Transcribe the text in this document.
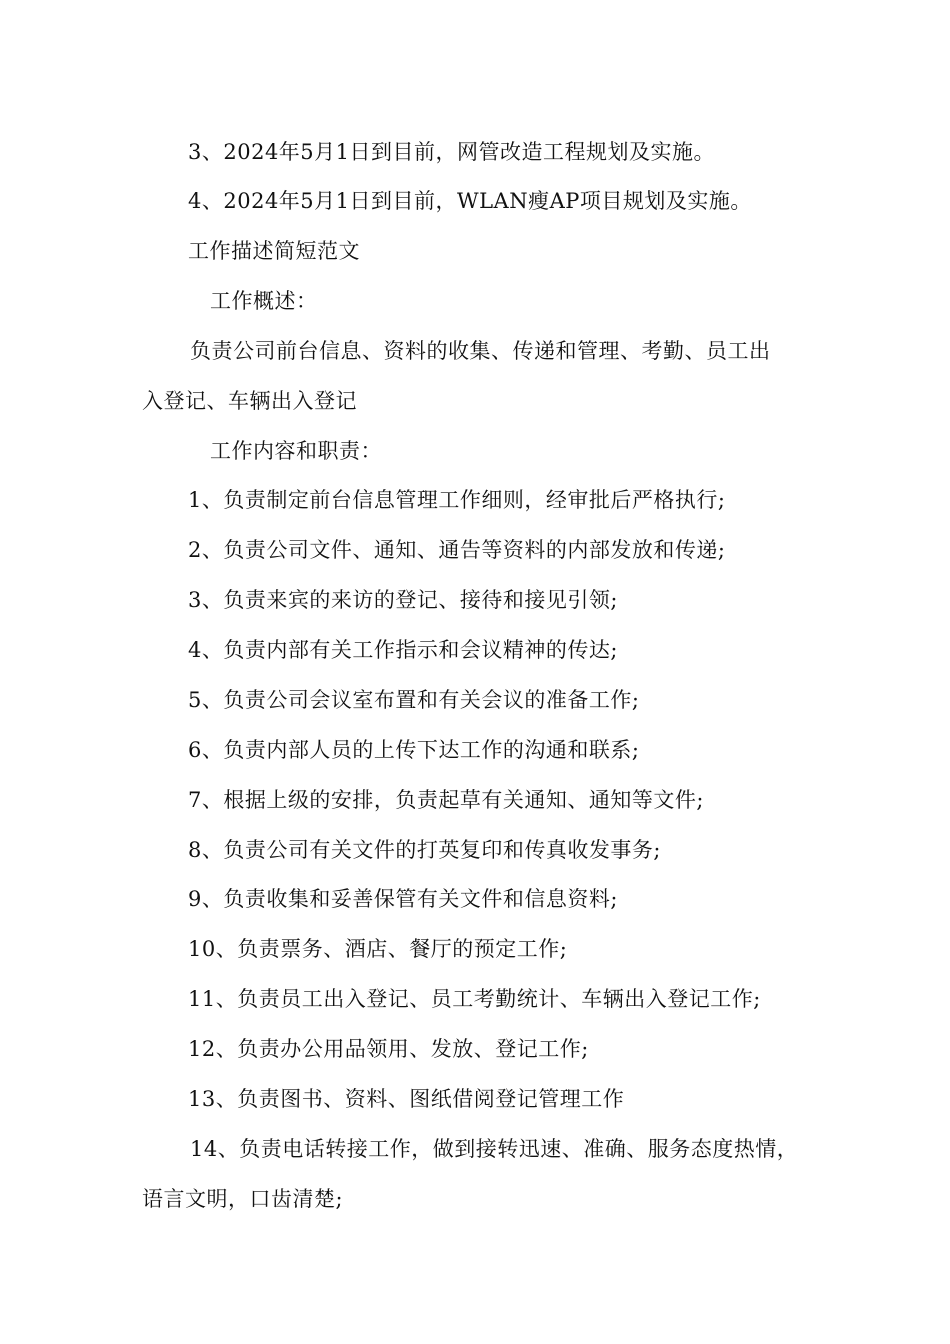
3、2024年5月1日到目前，网管改造工程规划及实施。
4、2024年5月1日到目前，WLAN瘦AP项目规划及实施。
工作描述简短范文
工作概述：
负责公司前台信息、资料的收集、传递和管理、考勤、员工出
入登记、车辆出入登记
工作内容和职责：
1、负责制定前台信息管理工作细则，经审批后严格执行;
2、负责公司文件、通知、通告等资料的内部发放和传递;
3、负责来宾的来访的登记、接待和接见引领;
4、负责内部有关工作指示和会议精神的传达;
5、负责公司会议室布置和有关会议的准备工作;
6、负责内部人员的上传下达工作的沟通和联系;
7、根据上级的安排，负责起草有关通知、通知等文件;
8、负责公司有关文件的打英复印和传真收发事务;
9、负责收集和妥善保管有关文件和信息资料;
10、负责票务、酒店、餐厅的预定工作;
11、负责员工出入登记、员工考勤统计、车辆出入登记工作;
12、负责办公用品领用、发放、登记工作;
13、负责图书、资料、图纸借阅登记管理工作
14、负责电话转接工作，做到接转迅速、准确、服务态度热情，
语言文明，口齿清楚;
